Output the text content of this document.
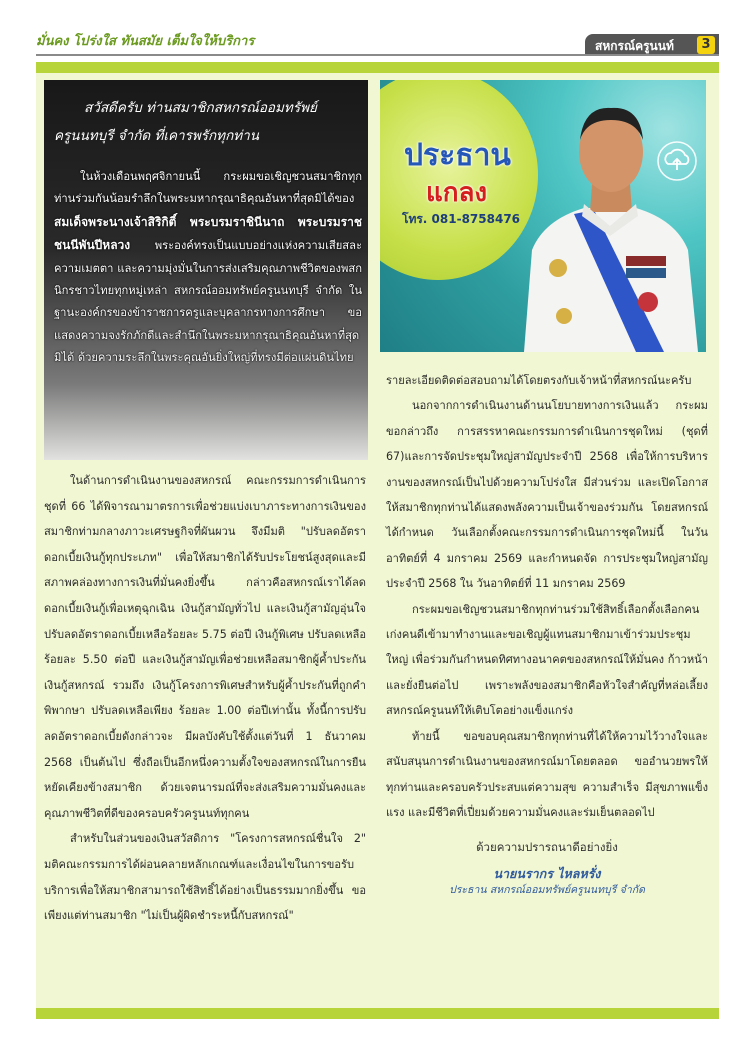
มั่นคง โปร่งใส ทันสมัย เต็มใจให้บริการ	สหกรณ์ครูนนท์	3
สวัสดีครับ ท่านสมาชิกสหกรณ์ออมทรัพย์
ครูนนทบุรี จำกัด ที่เคารพรักทุกท่าน
ในห้วงเดือนพฤศจิกายนนี้ กระผมขอเชิญชวนสมาชิกทุกท่านร่วมกันน้อมรำลึกในพระมหากรุณาธิคุณอันหาที่สุดมิได้ของ สมเด็จพระนางเจ้าสิริกิติ์ พระบรมราชินีนาถ พระบรมราชชนนีพันปีหลวง พระองค์ทรงเป็นแบบอย่างแห่งความเสียสละ ความเมตตา และความมุ่งมั่นในการส่งเสริมคุณภาพชีวิตของพสกนิกรชาวไทยทุกหมู่เหล่า สหกรณ์ออมทรัพย์ครูนนทบุรี จำกัด ในฐานะองค์กรของข้าราชการครูและบุคลากรทางการศึกษา ขอแสดงความจงรักภักดีและสำนึกในพระมหากรุณาธิคุณอันหาที่สุดมิได้ ด้วยความระลึกในพระคุณอันยิ่งใหญ่ที่ทรงมีต่อแผ่นดินไทย
ประธาน
แกลง
โทร. 081-8758476

ในด้านการดำเนินงานของสหกรณ์ คณะกรรมการดำเนินการชุดที่ 66 ได้พิจารณามาตรการเพื่อช่วยแบ่งเบาภาระทางการเงินของสมาชิกท่ามกลางภาวะเศรษฐกิจที่ผันผวน จึงมีมติ "ปรับลดอัตราดอกเบี้ยเงินกู้ทุกประเภท" เพื่อให้สมาชิกได้รับประโยชน์สูงสุดและมีสภาพคล่องทางการเงินที่มั่นคงยิ่งขึ้น กล่าวคือสหกรณ์เราได้ลดดอกเบี้ยเงินกู้เพื่อเหตุฉุกเฉิน เงินกู้สามัญทั่วไป และเงินกู้สามัญอุ่นใจ ปรับลดอัตราดอกเบี้ยเหลือร้อยละ 5.75 ต่อปี เงินกู้พิเศษ ปรับลดเหลือ ร้อยละ 5.50 ต่อปี และเงินกู้สามัญเพื่อช่วยเหลือสมาชิกผู้ค้ำประกันเงินกู้สหกรณ์ รวมถึง เงินกู้โครงการพิเศษสำหรับผู้ค้ำประกันที่ถูกคำพิพากษา ปรับลดเหลือเพียง ร้อยละ 1.00 ต่อปีเท่านั้น ทั้งนี้การปรับลดอัตราดอกเบี้ยดังกล่าวจะ มีผลบังคับใช้ตั้งแต่วันที่ 1 ธันวาคม 2568 เป็นต้นไป ซึ่งถือเป็นอีกหนึ่งความตั้งใจของสหกรณ์ในการยืนหยัดเคียงข้างสมาชิก ด้วยเจตนารมณ์ที่จะส่งเสริมความมั่นคงและคุณภาพชีวิตที่ดีของครอบครัวครูนนท์ทุกคน

สำหรับในส่วนของเงินสวัสดิการ "โครงการสหกรณ์ชื่นใจ 2" มติคณะกรรมการได้ผ่อนคลายหลักเกณฑ์และเงื่อนไขในการขอรับบริการเพื่อให้สมาชิกสามารถใช้สิทธิ์ได้อย่างเป็นธรรมมากยิ่งขึ้น ขอเพียงแต่ท่านสมาชิก "ไม่เป็นผู้ผิดชำระหนี้กับสหกรณ์"

รายละเอียดติดต่อสอบถามได้โดยตรงกับเจ้าหน้าที่สหกรณ์นะครับ

นอกจากการดำเนินงานด้านนโยบายทางการเงินแล้ว กระผมขอกล่าวถึง การสรรหาคณะกรรมการดำเนินการชุดใหม่ (ชุดที่ 67)และการจัดประชุมใหญ่สามัญประจำปี 2568 เพื่อให้การบริหารงานของสหกรณ์เป็นไปด้วยความโปร่งใส มีส่วนร่วม และเปิดโอกาสให้สมาชิกทุกท่านได้แสดงพลังความเป็นเจ้าของร่วมกัน โดยสหกรณ์ได้กำหนด วันเลือกตั้งคณะกรรมการดำเนินการชุดใหม่นี้ ในวันอาทิตย์ที่ 4 มกราคม 2569 และกำหนดจัด การประชุมใหญ่สามัญประจำปี 2568 ใน วันอาทิตย์ที่ 11 มกราคม 2569

กระผมขอเชิญชวนสมาชิกทุกท่านร่วมใช้สิทธิ์เลือกตั้งเลือกคนเก่งคนดีเข้ามาทำงานและขอเชิญผู้แทนสมาชิกมาเข้าร่วมประชุมใหญ่ เพื่อร่วมกันกำหนดทิศทางอนาคตของสหกรณ์ให้มั่นคง ก้าวหน้า และยั่งยืนต่อไป เพราะพลังของสมาชิกคือหัวใจสำคัญที่หล่อเลี้ยงสหกรณ์ครูนนท์ให้เติบโตอย่างแข็งแกร่ง

ท้ายนี้ ขอขอบคุณสมาชิกทุกท่านที่ได้ให้ความไว้วางใจและสนับสนุนการดำเนินงานของสหกรณ์มาโดยตลอด ขออำนวยพรให้ทุกท่านและครอบครัวประสบแต่ความสุข ความสำเร็จ มีสุขภาพแข็งแรง และมีชีวิตที่เปี่ยมด้วยความมั่นคงและร่มเย็นตลอดไป

ด้วยความปรารถนาดีอย่างยิ่ง
นายนรากร ไหลหรั่ง
ประธาน สหกรณ์ออมทรัพย์ครูนนทบุรี จำกัด
